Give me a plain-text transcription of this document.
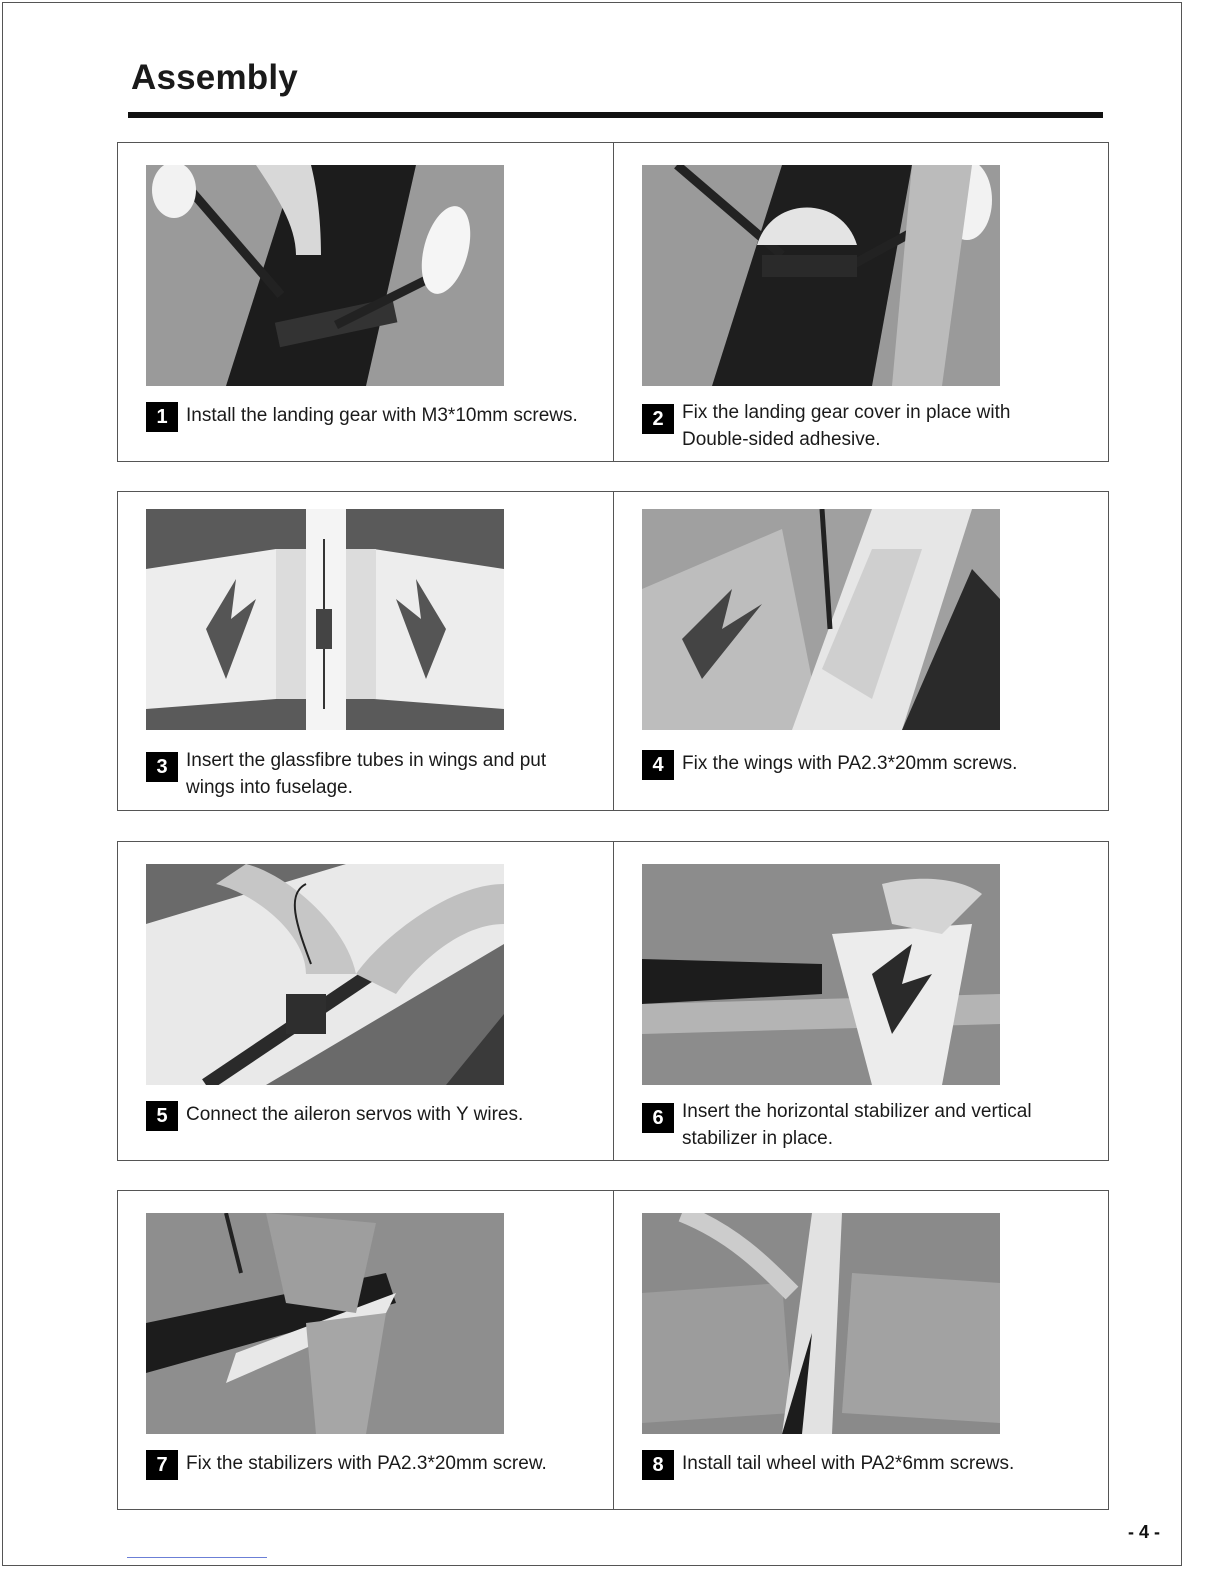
Assembly
1 Install the landing gear with M3*10mm screws.	2 Fix the landing gear cover in place with
Double-sided adhesive.
3 Insert the glassfibre tubes in wings and put
wings into fuselage.
4 Fix the wings with PA2.3*20mm screws.
5 Connect the aileron servos with Y wires.	6 Insert the horizontal stabilizer and vertical
stabilizer in place.
7 Fix the stabilizers with PA2.3*20mm screw.	8 Install tail wheel with PA2*6mm screws.
- 4 -
